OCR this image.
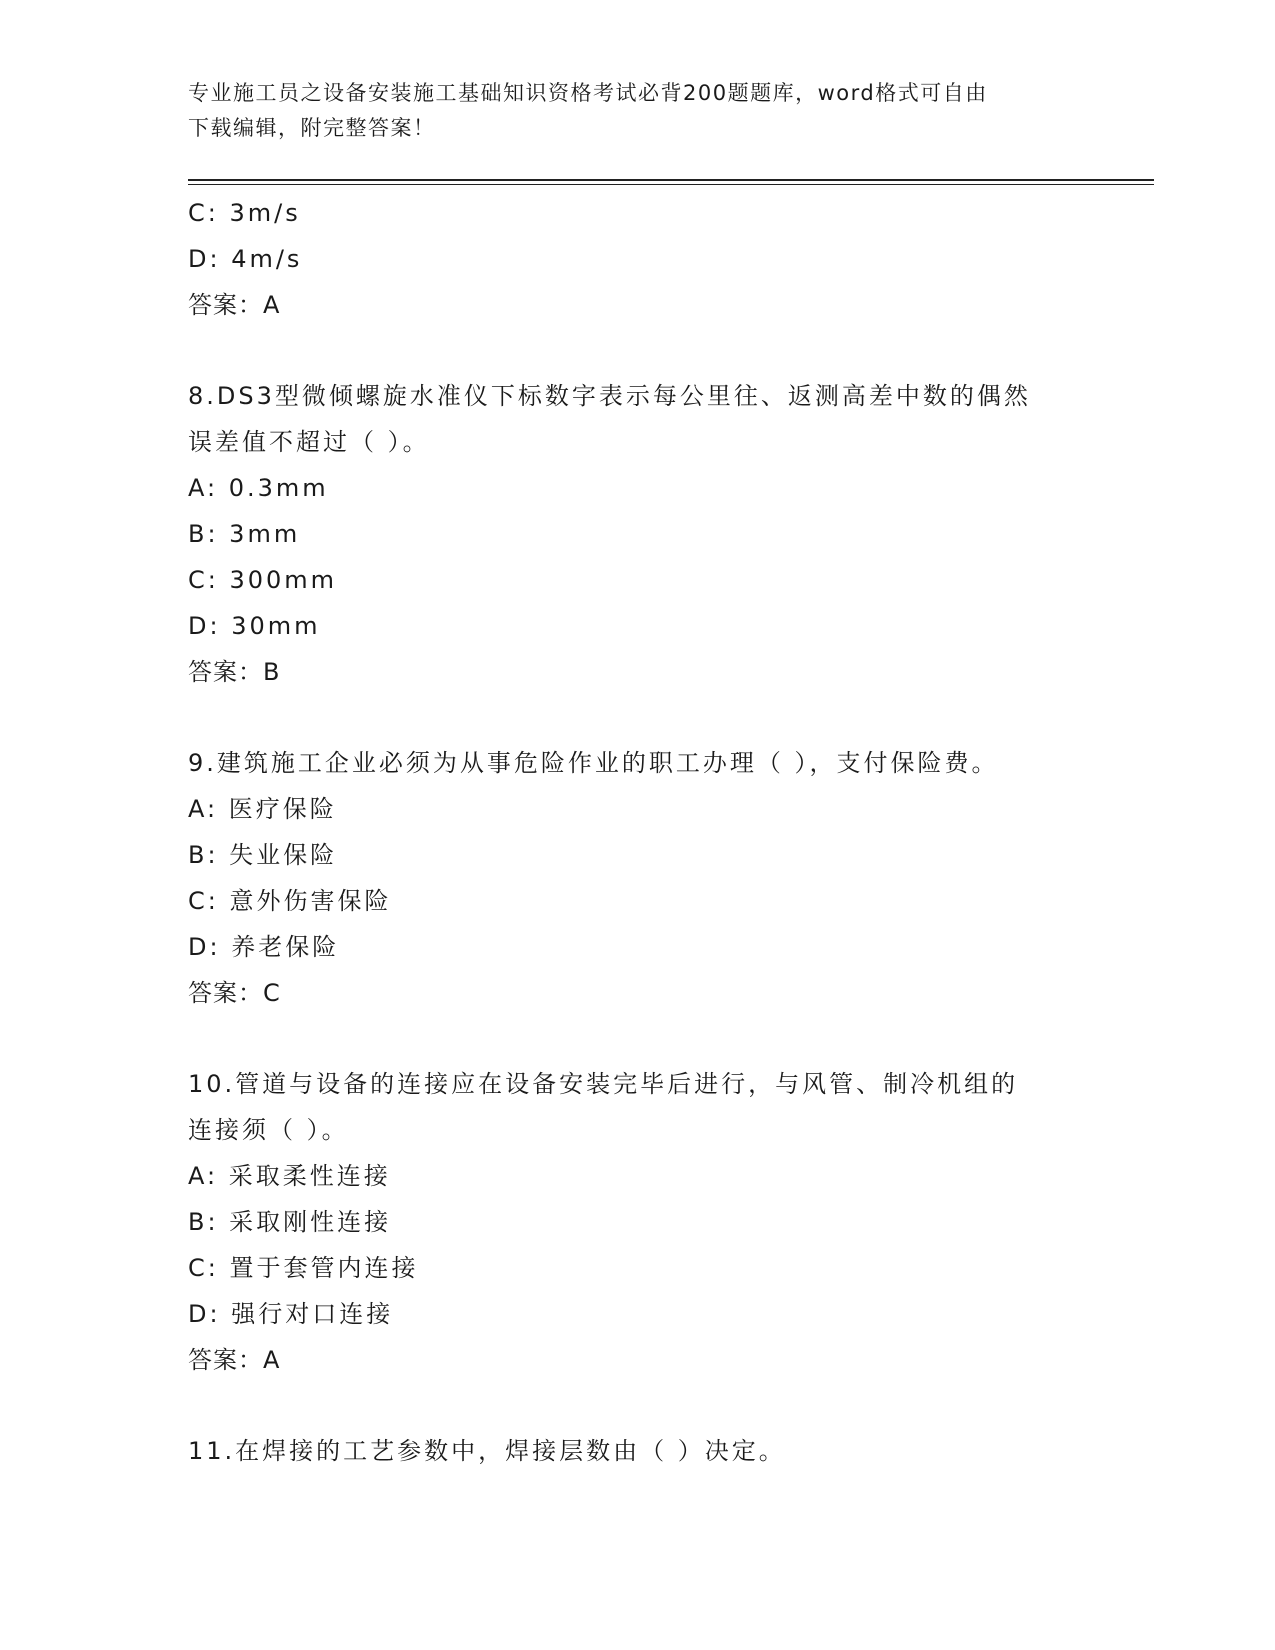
专业施工员之设备安装施工基础知识资格考试必背200题题库，word格式可自由
下载编辑，附完整答案！
C: 3m/s
D: 4m/s
答案：A
8.DS3型微倾螺旋水准仪下标数字表示每公里往、返测高差中数的偶然
误差值不超过（ ）。
A: 0.3mm
B: 3mm
C: 300mm
D: 30mm
答案：B
9.建筑施工企业必须为从事危险作业的职工办理（ ），支付保险费。
A: 医疗保险
B: 失业保险
C: 意外伤害保险
D: 养老保险
答案：C
10.管道与设备的连接应在设备安装完毕后进行，与风管、制冷机组的
连接须（ ）。
A: 采取柔性连接
B: 采取刚性连接
C: 置于套管内连接
D: 强行对口连接
答案：A
11.在焊接的工艺参数中，焊接层数由（ ）决定。
